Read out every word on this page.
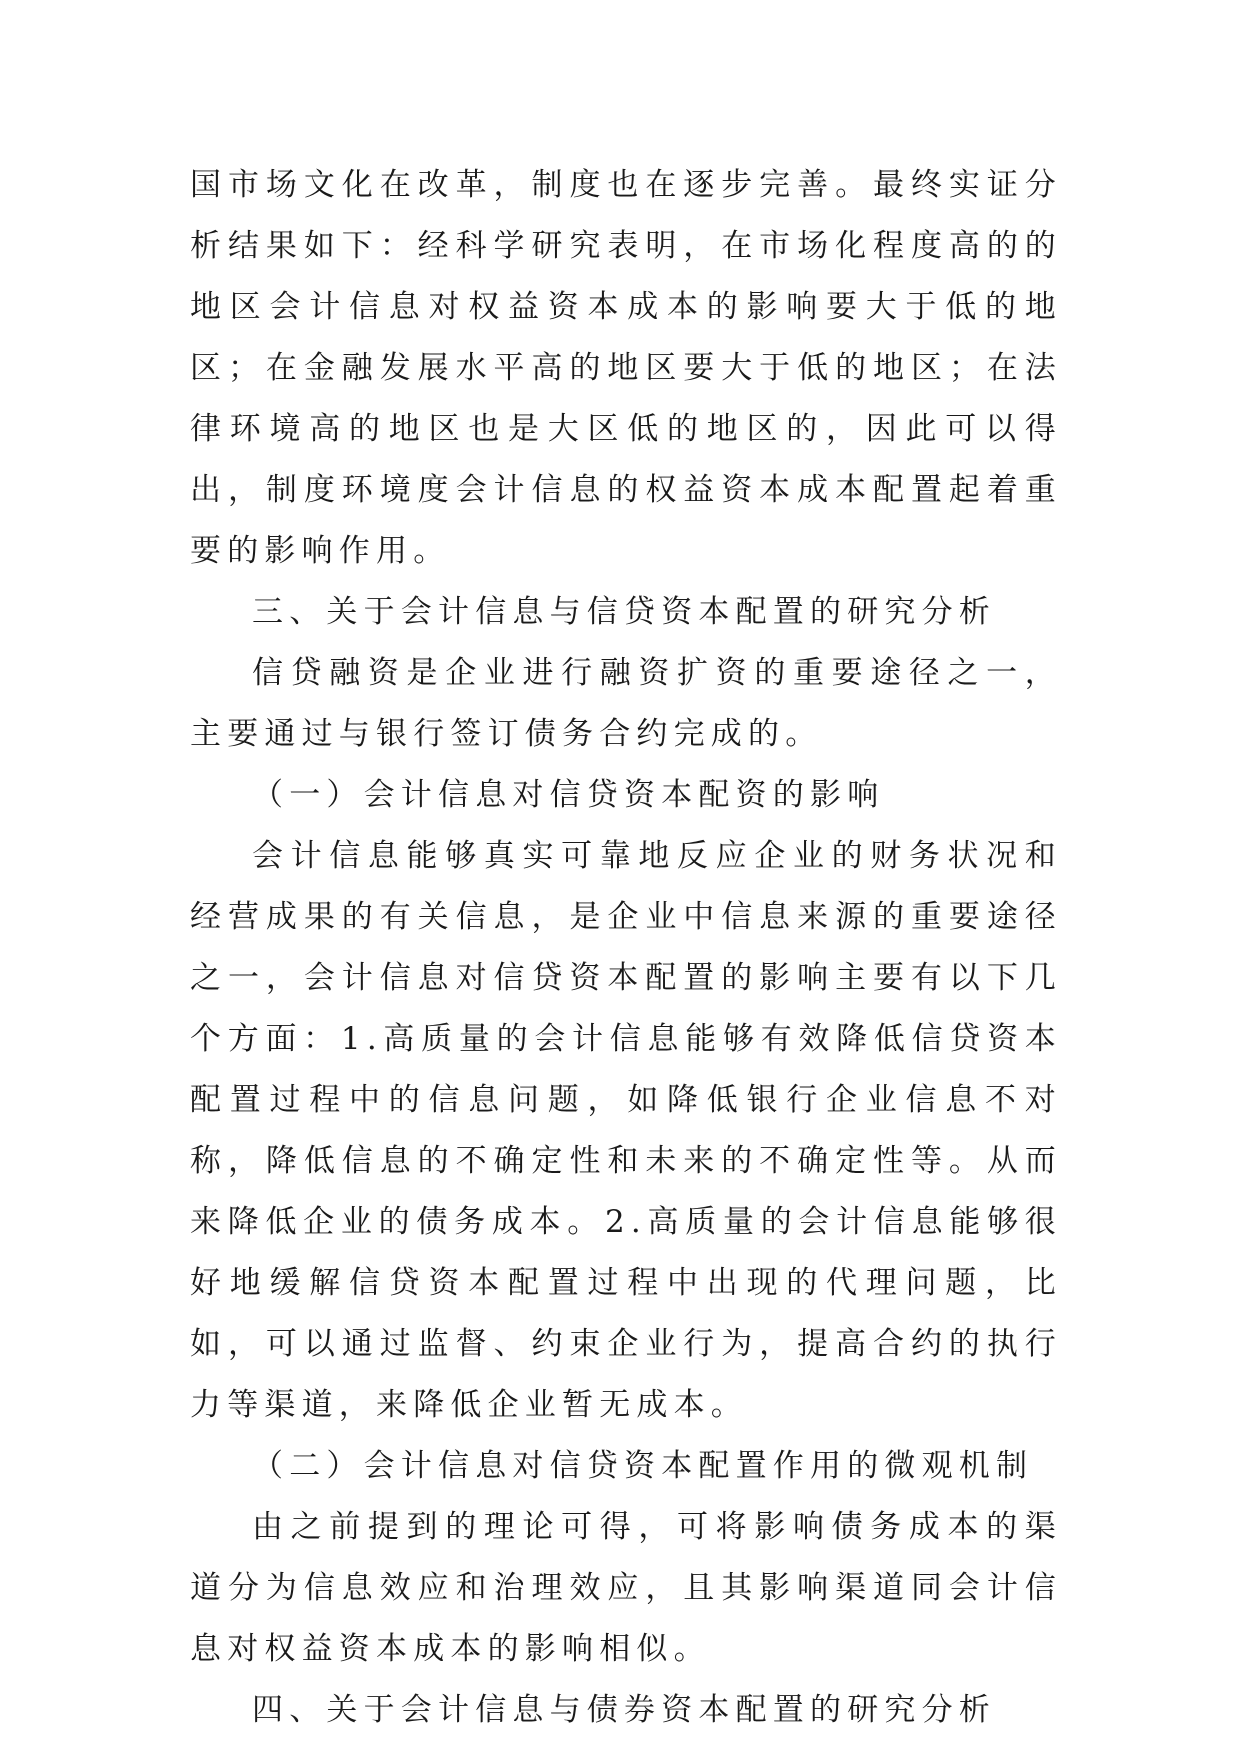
国市场文化在改革，制度也在逐步完善。最终实证分析结果如下：经科学研究表明，在市场化程度高的的地区会计信息对权益资本成本的影响要大于低的地区；在金融发展水平高的地区要大于低的地区；在法律环境高的地区也是大区低的地区的，因此可以得出，制度环境度会计信息的权益资本成本配置起着重要的影响作用。

三、关于会计信息与信贷资本配置的研究分析

信贷融资是企业进行融资扩资的重要途径之一，主要通过与银行签订债务合约完成的。

（一）会计信息对信贷资本配资的影响

会计信息能够真实可靠地反应企业的财务状况和经营成果的有关信息，是企业中信息来源的重要途径之一，会计信息对信贷资本配置的影响主要有以下几个方面：1.高质量的会计信息能够有效降低信贷资本配置过程中的信息问题，如降低银行企业信息不对称，降低信息的不确定性和未来的不确定性等。从而来降低企业的债务成本。2.高质量的会计信息能够很好地缓解信贷资本配置过程中出现的代理问题，比如，可以通过监督、约束企业行为，提高合约的执行力等渠道，来降低企业暂无成本。

（二）会计信息对信贷资本配置作用的微观机制

由之前提到的理论可得，可将影响债务成本的渠道分为信息效应和治理效应，且其影响渠道同会计信息对权益资本成本的影响相似。

四、关于会计信息与债券资本配置的研究分析
